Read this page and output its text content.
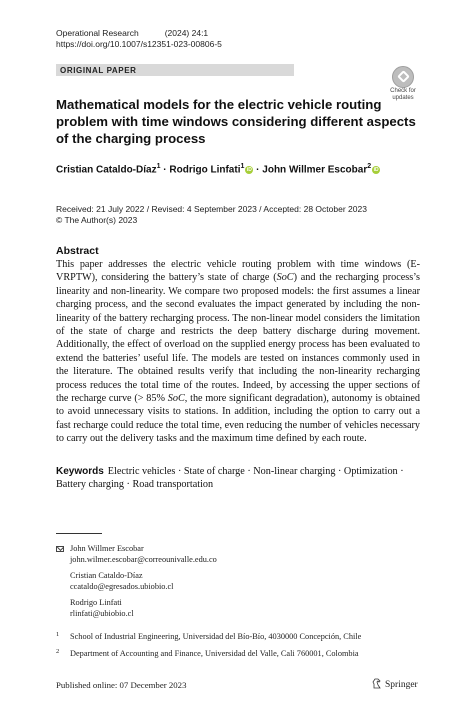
Operational Research	(2024) 24:1
https://doi.org/10.1007/s12351-023-00806-5
ORIGINAL PAPER
Check for
updates
Mathematical models for the electric vehicle routing problem with time windows considering different aspects of the charging process
Cristian Cataldo-Díaz$^1$ · Rodrigo Linfati$^1$iD · John Willmer Escobar$^2$iD
Received: 21 July 2022 / Revised: 4 September 2023 / Accepted: 28 October 2023
© The Author(s) 2023
Abstract

This paper addresses the electric vehicle routing problem with time windows (E-VRPTW), considering the battery’s state of charge (SoC) and the recharging process’s linearity and non-linearity. We compare two proposed models: the first assumes a linear charging process, and the second evaluates the impact generated by including the non-linearity of the battery recharging process. The non-linear model considers the limitation of the state of charge and restricts the deep battery discharge during movement. Additionally, the effect of overload on the supplied energy process has been evaluated to extend the batteries’ useful life. The models are tested on instances commonly used in the literature. The obtained results verify that including the non-linearity recharging process reduces the total time of the routes. Indeed, by accessing the upper sections of the recharge curve (> 85% SoC, the more significant degradation), autonomy is obtained to avoid unnecessary visits to stations. In addition, including the option to carry out a fast recharge could reduce the total time, even reducing the number of vehicles necessary to carry out the delivery tasks and the maximum time defined by each route.

Keywords Electric vehicles · State of charge · Non-linear charging · Optimization · Battery charging · Road transportation
John Willmer Escobar
john.wilmer.escobar@correounivalle.edu.co
Cristian Cataldo-Díaz
ccataldo@egresados.ubiobio.cl
Rodrigo Linfati
rlinfati@ubiobio.cl
1 School of Industrial Engineering, Universidad del Bío-Bío, 4030000 Concepción, Chile
2 Department of Accounting and Finance, Universidad del Valle, Cali 760001, Colombia
Published online: 07 December 2023	Springer
